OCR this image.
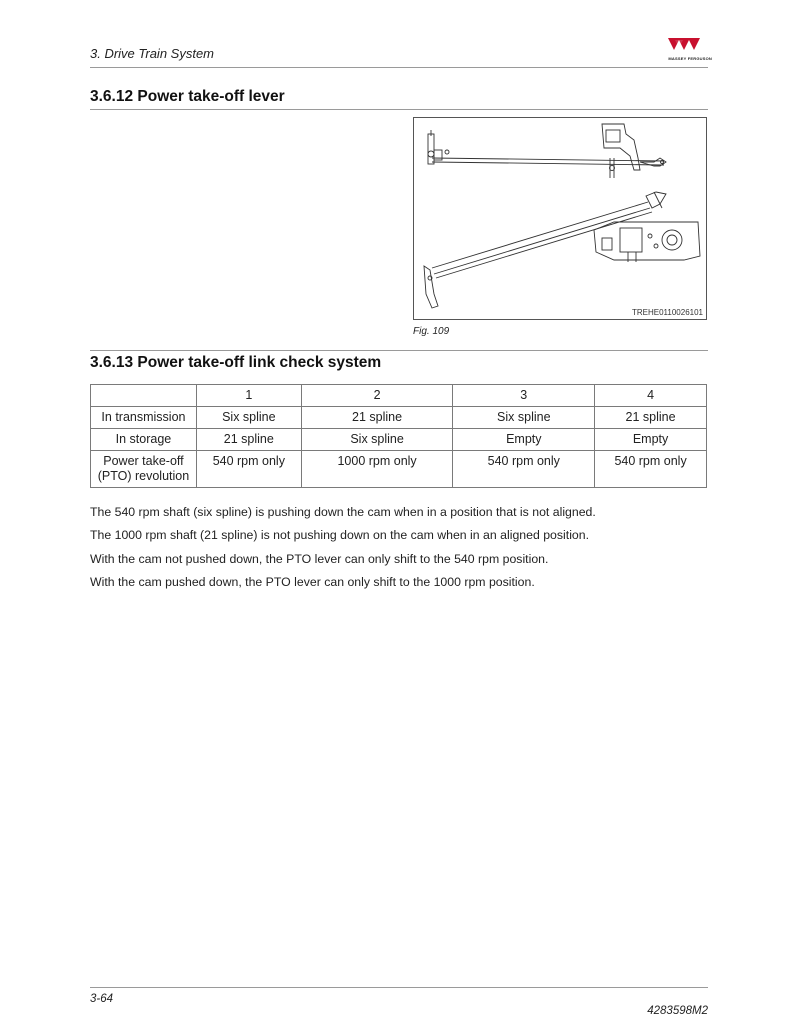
3. Drive Train System	MASSEY FERGUSON
3.6.12 Power take-off lever
TREHE0110026101
Fig. 109
3.6.13 Power take-off link check system
	1	2	3	4
In transmission	Six spline	21 spline	Six spline	21 spline
In storage	21 spline	Six spline	Empty	Empty

Power take-off
(PTO) revolution	540 rpm only	1000 rpm only	540 rpm only	540 rpm only
The 540 rpm shaft (six spline) is pushing down the cam when in a position that is not aligned.
The 1000 rpm shaft (21 spline) is not pushing down on the cam when in an aligned position.
With the cam not pushed down, the PTO lever can only shift to the 540 rpm position.
With the cam pushed down, the PTO lever can only shift to the 1000 rpm position.
3-64
4283598M2
